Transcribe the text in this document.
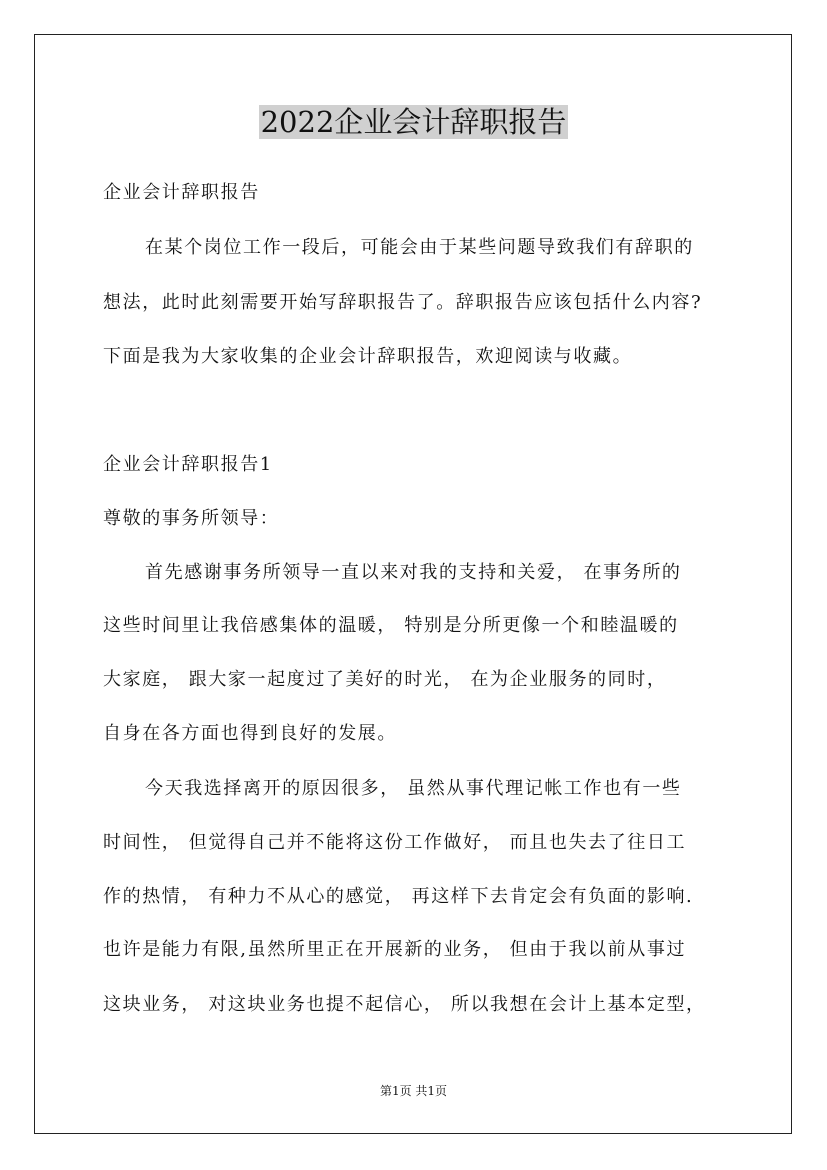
2022企业会计辞职报告
企业会计辞职报告
在某个岗位工作一段后，可能会由于某些问题导致我们有辞职的
想法，此时此刻需要开始写辞职报告了。辞职报告应该包括什么内容?
下面是我为大家收集的企业会计辞职报告，欢迎阅读与收藏。
企业会计辞职报告1
尊敬的事务所领导：
首先感谢事务所领导一直以来对我的支持和关爱， 在事务所的
这些时间里让我倍感集体的温暖， 特别是分所更像一个和睦温暖的
大家庭， 跟大家一起度过了美好的时光， 在为企业服务的同时，
自身在各方面也得到良好的发展。
今天我选择离开的原因很多， 虽然从事代理记帐工作也有一些
时间性， 但觉得自己并不能将这份工作做好， 而且也失去了往日工
作的热情， 有种力不从心的感觉， 再这样下去肯定会有负面的影响.
也许是能力有限,虽然所里正在开展新的业务， 但由于我以前从事过
这块业务， 对这块业务也提不起信心， 所以我想在会计上基本定型，
第1页 共1页
